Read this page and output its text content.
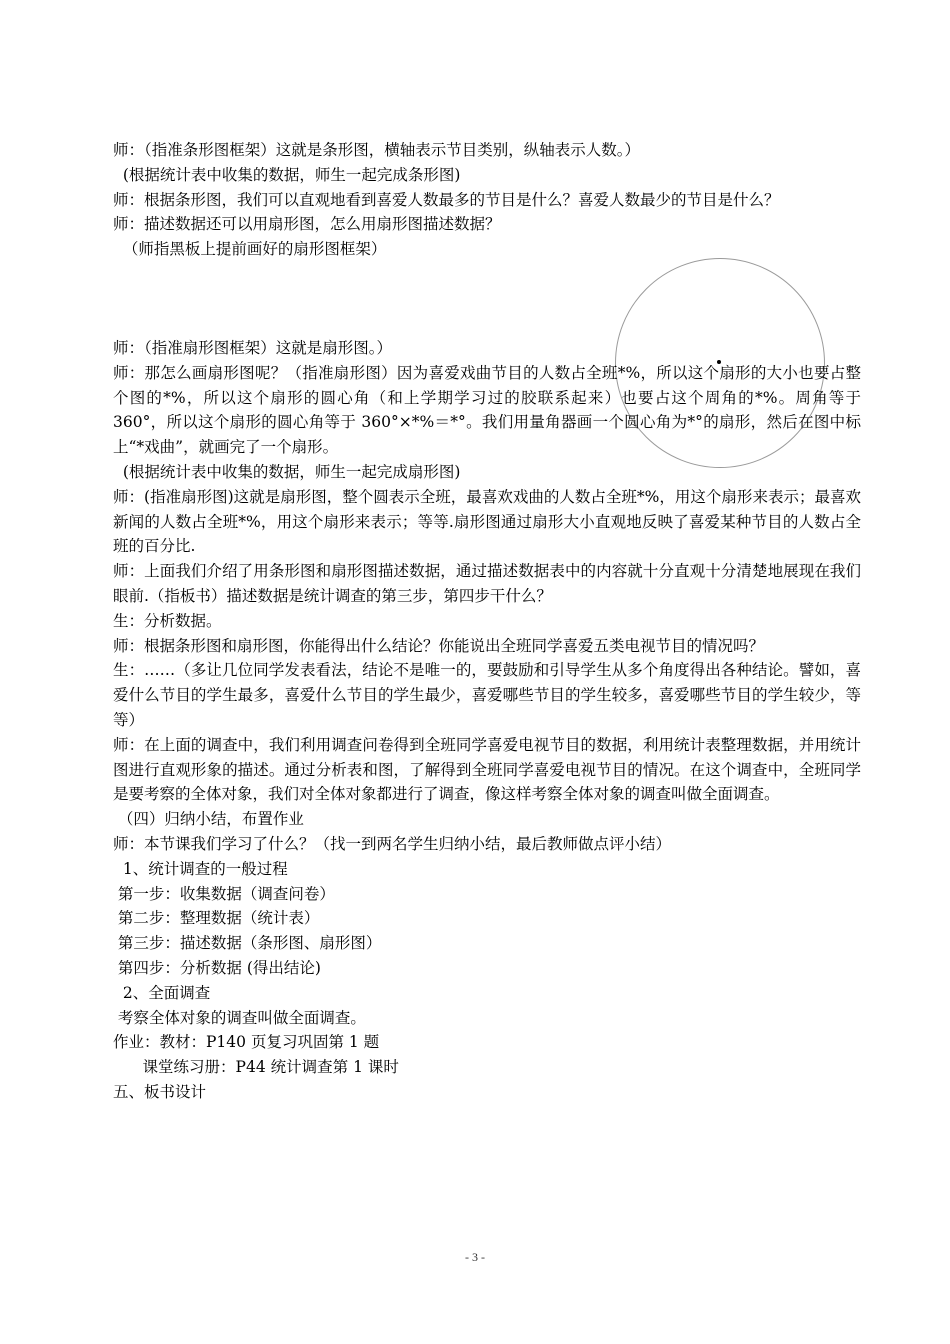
师：（指准条形图框架）这就是条形图，横轴表示节目类别，纵轴表示人数。）
(根据统计表中收集的数据，师生一起完成条形图)
师：根据条形图，我们可以直观地看到喜爱人数最多的节目是什么？喜爱人数最少的节目是什么？
师：描述数据还可以用扇形图，怎么用扇形图描述数据？
（师指黑板上提前画好的扇形图框架）
师：（指准扇形图框架）这就是扇形图。）
师：那怎么画扇形图呢？（指准扇形图）因为喜爱戏曲节目的人数占全班*%，所以这个扇形的大小也要占整个图的*%，所以这个扇形的圆心角（和上学期学习过的胶联系起来）也要占这个周角的*%。周角等于 360°，所以这个扇形的圆心角等于 360°×*%＝*°。我们用量角器画一个圆心角为*°的扇形，然后在图中标上“*戏曲”，就画完了一个扇形。
(根据统计表中收集的数据，师生一起完成扇形图)
师：(指准扇形图)这就是扇形图，整个圆表示全班，最喜欢戏曲的人数占全班*%，用这个扇形来表示；最喜欢新闻的人数占全班*%，用这个扇形来表示；等等.扇形图通过扇形大小直观地反映了喜爱某种节目的人数占全班的百分比.
师：上面我们介绍了用条形图和扇形图描述数据，通过描述数据表中的内容就十分直观十分清楚地展现在我们眼前.（指板书）描述数据是统计调查的第三步，第四步干什么？
生：分析数据。
师：根据条形图和扇形图，你能得出什么结论？你能说出全班同学喜爱五类电视节目的情况吗？
生：……（多让几位同学发表看法，结论不是唯一的，要鼓励和引导学生从多个角度得出各种结论。譬如，喜爱什么节目的学生最多，喜爱什么节目的学生最少，喜爱哪些节目的学生较多，喜爱哪些节目的学生较少，等等）
师：在上面的调查中，我们利用调查问卷得到全班同学喜爱电视节目的数据，利用统计表整理数据，并用统计图进行直观形象的描述。通过分析表和图，了解得到全班同学喜爱电视节目的情况。在这个调查中，全班同学是要考察的全体对象，我们对全体对象都进行了调查，像这样考察全体对象的调查叫做全面调查。
（四）归纳小结，布置作业
师：本节课我们学习了什么？（找一到两名学生归纳小结，最后教师做点评小结）
1、统计调查的一般过程
第一步：收集数据（调查问卷）
第二步：整理数据（统计表）
第三步：描述数据（条形图、扇形图）
第四步：分析数据 (得出结论)
2、全面调查
考察全体对象的调查叫做全面调查。
作业：教材：P140 页复习巩固第 1 题
课堂练习册：P44 统计调查第 1 课时
五、板书设计
- 3 -
